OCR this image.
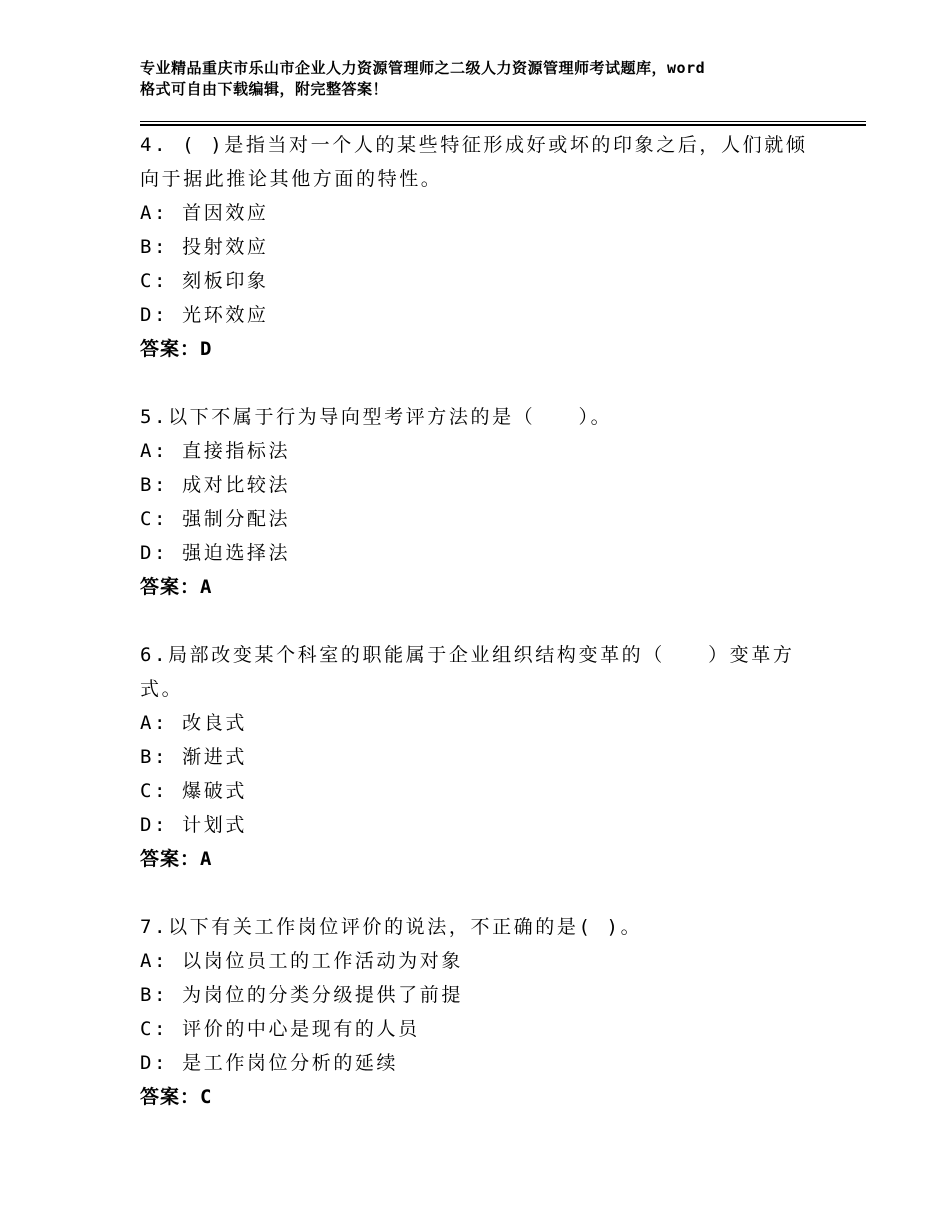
专业精品重庆市乐山市企业人力资源管理师之二级人力资源管理师考试题库，word
格式可自由下载编辑，附完整答案！
4. ( )是指当对一个人的某些特征形成好或坏的印象之后，人们就倾
向于据此推论其他方面的特性。
A: 首因效应
B: 投射效应
C: 刻板印象
D: 光环效应
答案：D
5.以下不属于行为导向型考评方法的是（　　）。
A: 直接指标法
B: 成对比较法
C: 强制分配法
D: 强迫选择法
答案：A
6.局部改变某个科室的职能属于企业组织结构变革的（　　）变革方
式。
A: 改良式
B: 渐进式
C: 爆破式
D: 计划式
答案：A
7.以下有关工作岗位评价的说法，不正确的是( )。
A: 以岗位员工的工作活动为对象
B: 为岗位的分类分级提供了前提
C: 评价的中心是现有的人员
D: 是工作岗位分析的延续
答案：C
